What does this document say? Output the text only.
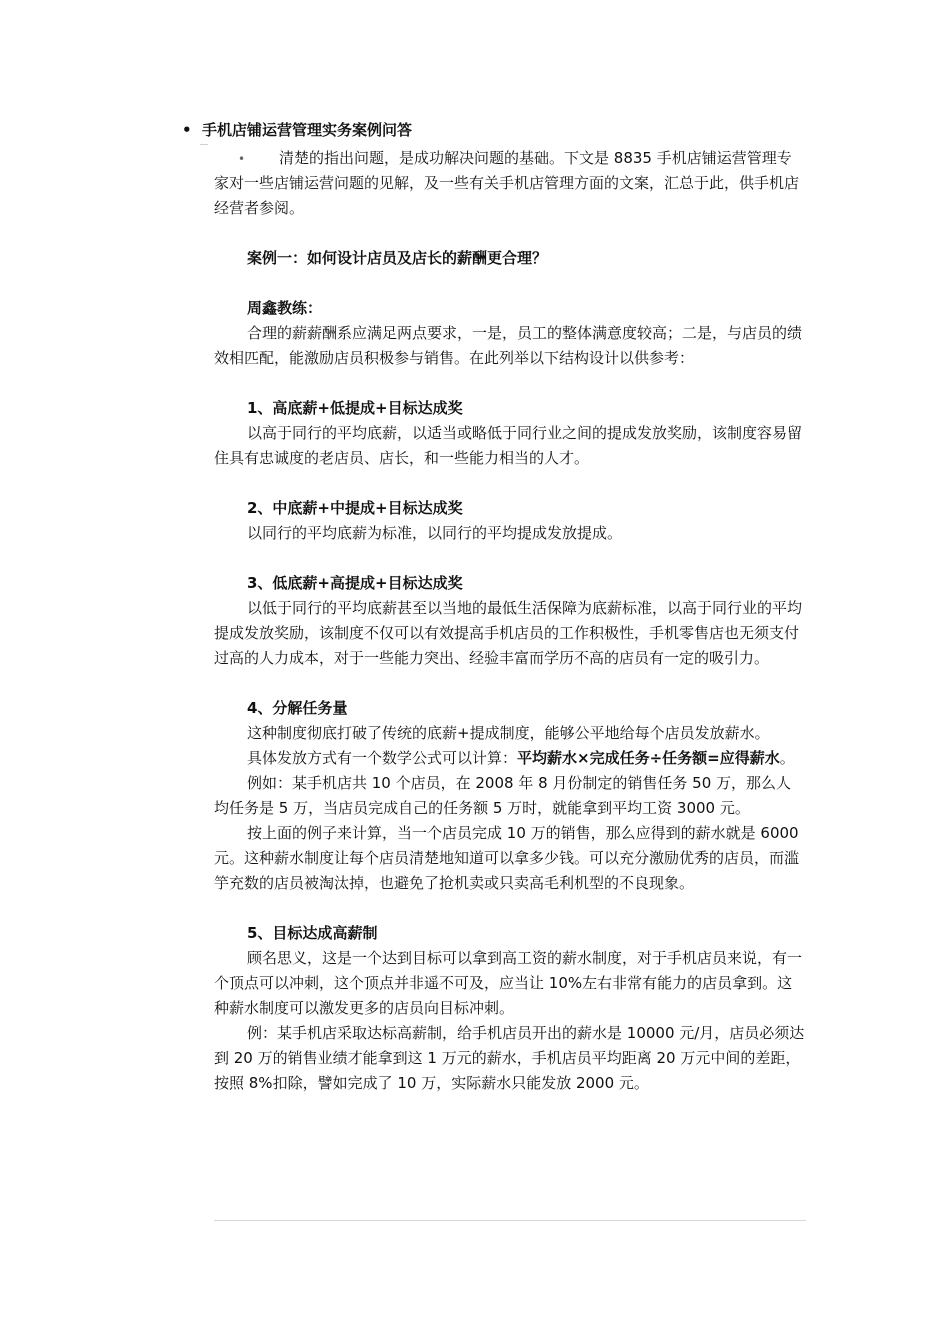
• 手机店铺运营管理实务案例问答

• 清楚的指出问题，是成功解决问题的基础。下文是 8835 手机店铺运营管理专家对一些店铺运营问题的见解，及一些有关手机店管理方面的文案，汇总于此，供手机店经营者参阅。

案例一：如何设计店员及店长的薪酬更合理？

周鑫教练：

合理的薪薪酬系应满足两点要求，一是，员工的整体满意度较高；二是，与店员的绩效相匹配，能激励店员积极参与销售。在此列举以下结构设计以供参考：

1、高底薪+低提成+目标达成奖

以高于同行的平均底薪，以适当或略低于同行业之间的提成发放奖励，该制度容易留住具有忠诚度的老店员、店长，和一些能力相当的人才。

2、中底薪+中提成+目标达成奖

以同行的平均底薪为标准，以同行的平均提成发放提成。

3、低底薪+高提成+目标达成奖

以低于同行的平均底薪甚至以当地的最低生活保障为底薪标准，以高于同行业的平均提成发放奖励，该制度不仅可以有效提高手机店员的工作积极性，手机零售店也无须支付过高的人力成本，对于一些能力突出、经验丰富而学历不高的店员有一定的吸引力。

4、分解任务量

这种制度彻底打破了传统的底薪+提成制度，能够公平地给每个店员发放薪水。

具体发放方式有一个数学公式可以计算：平均薪水×完成任务÷任务额=应得薪水。

例如：某手机店共 10 个店员，在 2008 年 8 月份制定的销售任务 50 万，那么人均任务是 5 万，当店员完成自己的任务额 5 万时，就能拿到平均工资 3000 元。

按上面的例子来计算，当一个店员完成 10 万的销售，那么应得到的薪水就是 6000 元。这种薪水制度让每个店员清楚地知道可以拿多少钱。可以充分激励优秀的店员，而滥竽充数的店员被淘汰掉，也避免了抢机卖或只卖高毛利机型的不良现象。

5、目标达成高薪制

顾名思义，这是一个达到目标可以拿到高工资的薪水制度，对于手机店员来说，有一个顶点可以冲刺，这个顶点并非遥不可及，应当让 10%左右非常有能力的店员拿到。这种薪水制度可以激发更多的店员向目标冲刺。

例：某手机店采取达标高薪制，给手机店员开出的薪水是 10000 元/月，店员必须达到 20 万的销售业绩才能拿到这 1 万元的薪水，手机店员平均距离 20 万元中间的差距，按照 8%扣除，譬如完成了 10 万，实际薪水只能发放 2000 元。
